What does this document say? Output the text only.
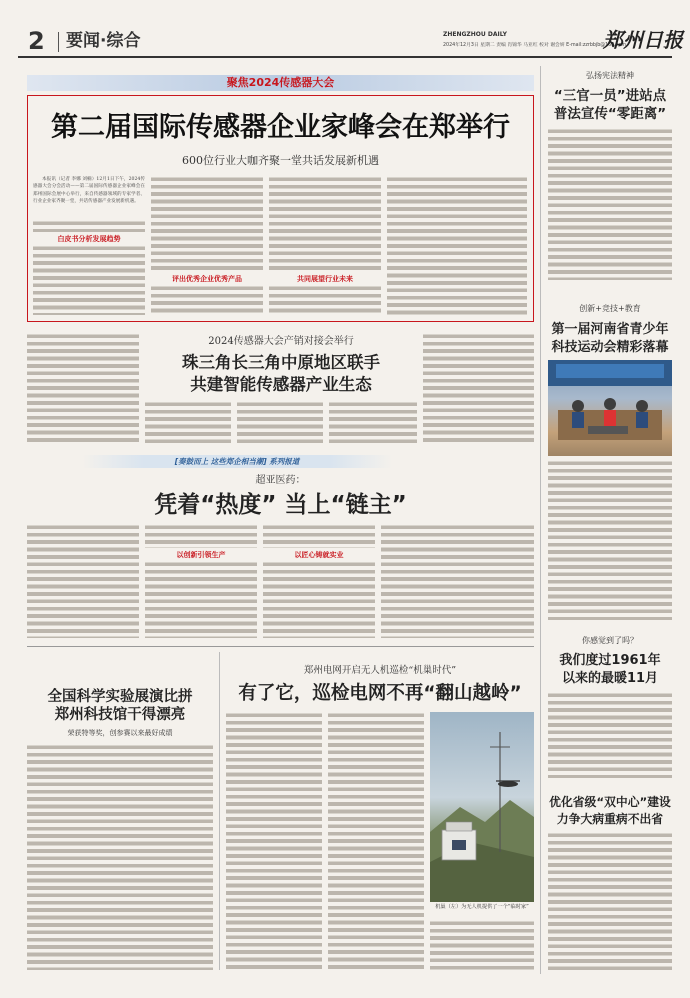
2 要闻·综合	ZHENGZHOU DAILY
2024年12月3日 星期二 责编 肖锦华 马亚红 校对 谢会妍 E-mail:zzrbbjb@163.com
郑州日报
聚焦2024传感器大会
第二届国际传感器企业家峰会在郑举行
600位行业大咖齐聚一堂共话发展新机遇

本报讯（记者 李娜 刘楠）12月1日下午，2024传感器大会分会活动——第二届国际传感器企业家峰会在郑州国际会展中心举行，来自传感器领域的专家学者、行业企业家齐聚一堂，共话传感器产业发展新机遇。

白皮书分析发展趋势
评出优秀企业优秀产品	共同展望行业未来
2024传感器大会产销对接会举行
珠三角长三角中原地区联手
共建智能传感器产业生态
[奏鼓而上 这些郑企相当潮] 系列报道
超亚医药：
凭着“热度” 当上“链主”
以创新引领生产	以匠心铸就实业
全国科学实验展演比拼
郑州科技馆干得漂亮
荣获特等奖，创参赛以来最好成绩
郑州电网开启无人机巡检“机巢时代”
有了它，巡检电网不再“翻山越岭”
机巢（左）为无人机提供了一个“临时家”
弘扬宪法精神
“三官一员”进站点
普法宣传“零距离”
创新+竞技+教育
第一届河南省青少年
科技运动会精彩落幕
你感觉到了吗？
我们度过1961年
以来的最暖11月
优化省级“双中心”建设
力争大病重病不出省
